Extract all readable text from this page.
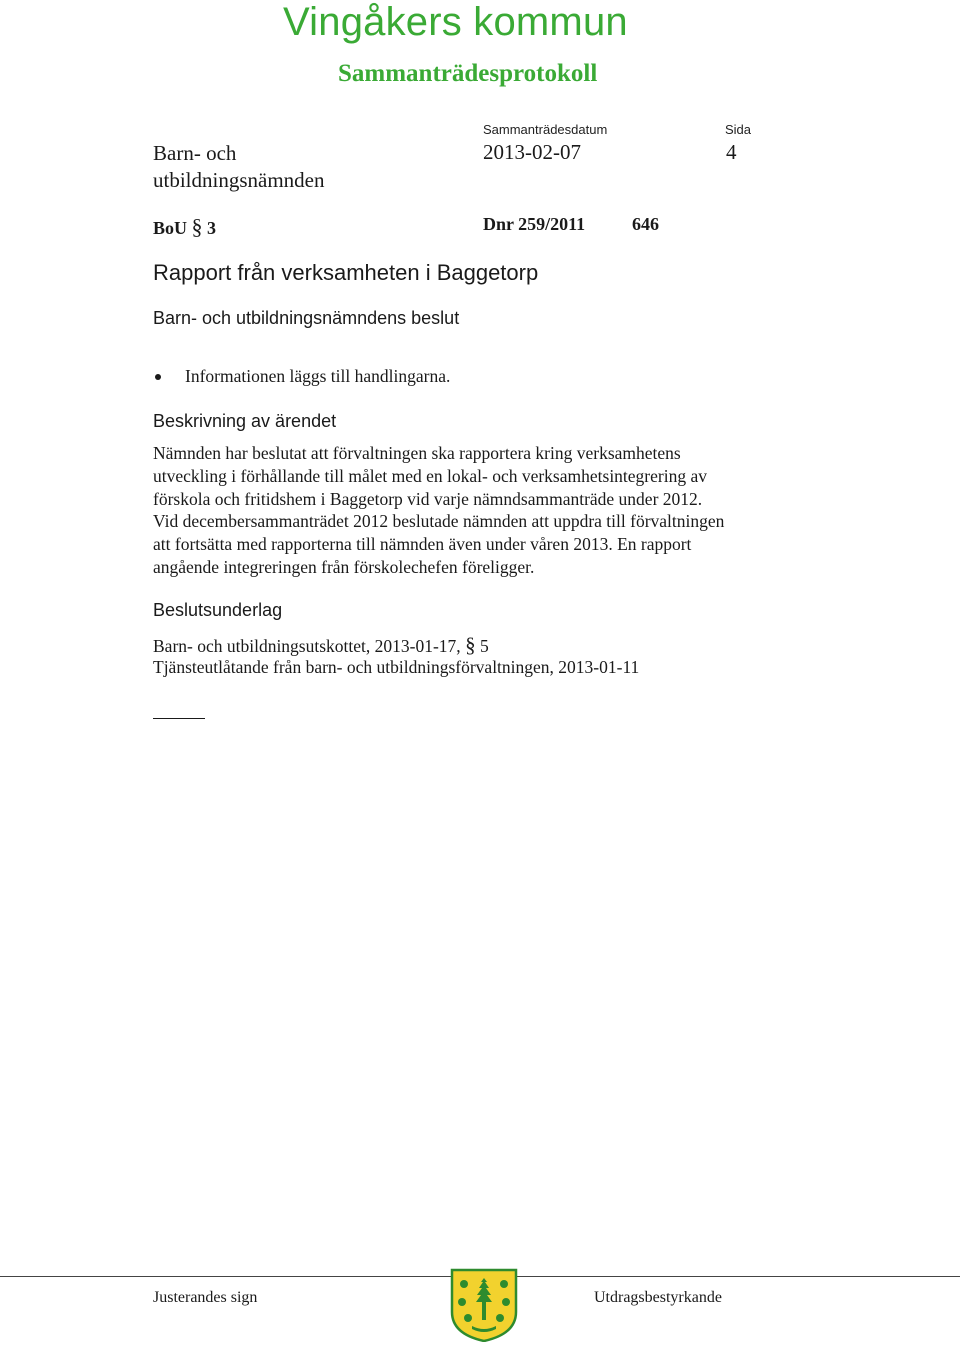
Vingåkers kommun
Sammanträdesprotokoll
Sammanträdesdatum	Sida
Barn- och utbildningsnämnden
2013-02-07	4
BoU § 3	Dnr 259/2011	646
Rapport från verksamheten i Baggetorp
Barn- och utbildningsnämndens beslut
Informationen läggs till handlingarna.
Beskrivning av ärendet
Nämnden har beslutat att förvaltningen ska rapportera kring verksamhetens
utveckling i förhållande till målet med en lokal- och verksamhetsintegrering av
förskola och fritidshem i Baggetorp vid varje nämndsammanträde under 2012.
Vid decembersammanträdet 2012 beslutade nämnden att uppdra till förvaltningen
att fortsätta med rapporterna till nämnden även under våren 2013. En rapport
angående integreringen från förskolechefen föreligger.
Beslutsunderlag
Barn- och utbildningsutskottet, 2013-01-17, § 5
Tjänsteutlåtande från barn- och utbildningsförvaltningen, 2013-01-11
Justerandes sign	Utdragsbestyrkande
